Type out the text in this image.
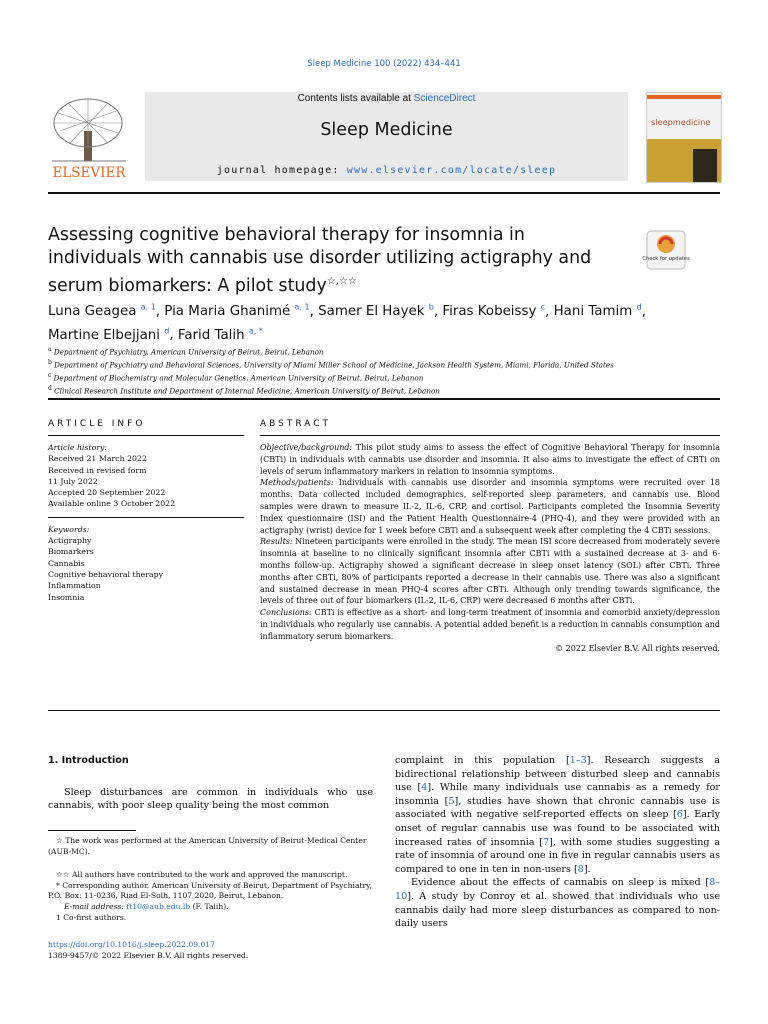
Sleep Medicine 100 (2022) 434–441
ELSEVIER
Contents lists available at ScienceDirect
Sleep Medicine
journal homepage: www.elsevier.com/locate/sleep
sleepmedicine
Assessing cognitive behavioral therapy for insomnia in individuals with cannabis use disorder utilizing actigraphy and serum biomarkers: A pilot study☆,☆☆
Check for updates
Luna Geagea $^{a, 1}$, Pia Maria Ghanimé $^{a, 1}$, Samer El Hayek $^b$, Firas Kobeissy $^c$, Hani Tamim $^d$,
Martine Elbejjani $^d$, Farid Talih $^{a, *}$
$^a$ Department of Psychiatry, American University of Beirut, Beirut, Lebanon
$^b$ Department of Psychiatry and Behavioral Sciences, University of Miami Miller School of Medicine, Jackson Health System, Miami, Florida, United States
$^c$ Department of Biochemistry and Molecular Genetics, American University of Beirut, Beirut, Lebanon
$^d$ Clinical Research Institute and Department of Internal Medicine, American University of Beirut, Lebanon
ARTICLE INFO	ABSTRACT
Article history:
Received 21 March 2022
Received in revised form
11 July 2022
Accepted 20 September 2022
Available online 3 October 2022
Keywords:
Actigraphy
Biomarkers
Cannabis
Cognitive behavioral therapy
Inflammation
Insomnia
Objective/background: This pilot study aims to assess the effect of Cognitive Behavioral Therapy for insomnia (CBTi) in individuals with cannabis use disorder and insomnia. It also aims to investigate the effect of CBTi on levels of serum inflammatory markers in relation to insomnia symptoms.
Methods/patients: Individuals with cannabis use disorder and insomnia symptoms were recruited over 18 months. Data collected included demographics, self-reported sleep parameters, and cannabis use. Blood samples were drawn to measure IL-2, IL-6, CRP, and cortisol. Participants completed the Insomnia Severity Index questionnaire (ISI) and the Patient Health Questionnaire-4 (PHQ-4), and they were provided with an actigraphy (wrist) device for 1 week before CBTi and a subsequent week after completing the 4 CBTi sessions.
Results: Nineteen participants were enrolled in the study. The mean ISI score decreased from moderately severe insomnia at baseline to no clinically significant insomnia after CBTi with a sustained decrease at 3- and 6-months follow-up. Actigraphy showed a significant decrease in sleep onset latency (SOL) after CBTi. Three months after CBTi, 80% of participants reported a decrease in their cannabis use. There was also a significant and sustained decrease in mean PHQ-4 scores after CBTi. Although only trending towards significance, the levels of three out of four biomarkers (IL-2, IL-6, CRP) were decreased 6 months after CBTi.
Conclusions: CBTi is effective as a short- and long-term treatment of insomnia and comorbid anxiety/depression in individuals who regularly use cannabis. A potential added benefit is a reduction in cannabis consumption and inflammatory serum biomarkers.
© 2022 Elsevier B.V. All rights reserved.
1. Introduction
Sleep disturbances are common in individuals who use cannabis, with poor sleep quality being the most common
complaint in this population [1–3]. Research suggests a bidirectional relationship between disturbed sleep and cannabis use [4]. While many individuals use cannabis as a remedy for insomnia [5], studies have shown that chronic cannabis use is associated with negative self-reported effects on sleep [6]. Early onset of regular cannabis use was found to be associated with increased rates of insomnia [7], with some studies suggesting a rate of insomnia of around one in five in regular cannabis users as compared to one in ten in non-users [8].
Evidence about the effects of cannabis on sleep is mixed [8–10]. A study by Conroy et al. showed that individuals who use cannabis daily had more sleep disturbances as compared to non-daily users
☆ The work was performed at the American University of Beirut-Medical Center (AUB-MC).
☆☆ All authors have contributed to the work and approved the manuscript.
* Corresponding author. American University of Beirut, Department of Psychiatry, P.O. Box: 11-0236, Riad El-Solh, 1107 2020, Beirut, Lebanon.
E-mail address: ft10@aub.edu.lb (F. Talih).
1 Co-first authors.
https://doi.org/10.1016/j.sleep.2022.09.017
1389-9457/© 2022 Elsevier B.V. All rights reserved.
